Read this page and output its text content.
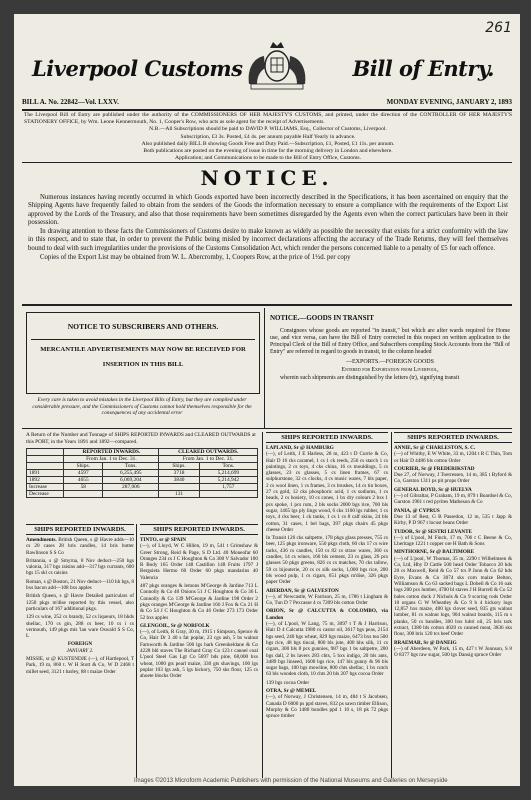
261
Liverpool Customs	Bill of Entry.
BILL A. No. 22842—Vol. LXXV.	MONDAY EVENING, JANUARY 2, 1893

The Liverpool Bill of Entry are published under the authority of the COMMISSIONERS OF HER MAJESTY'S CUSTOMS, and printed, under the direction of the CONTROLLER OF HER MAJESTY'S STATIONERY OFFICE, by Wm. Leone Kennermouth, No. 1, Cooper's Row, who acts as sole agent for the receipt of Advertisements.

N.B.—All Subscriptions should be paid to DAVID P. WILLIAMS, Esq., Collector of Customs, Liverpool.

Subscription, £3 3s. Posted, £4 4s. per annum payable Half Yearly in advance.

Also published daily BILL B showing Goods Free and Duty Paid.—Subscription, £1, Posted, £1 11s. per annum.

Both publications are posted on the evening of issue in time for the morning delivery in London and elsewhere.

Application; and Communications to be made to the Bill of Entry Office, Customs.

NOTICE.

Numerous instances having recently occurred in which Goods exported have been incorrectly described in the Specifications, it has been ascertained on enquiry that the Shipping Agents have frequently failed to obtain from the senders of the Goods the information necessary to ensure a compliance with the requirements of the Export List approved by the Lords of the Treasury, and also that those requirements have been sometimes disregarded by the Agents even when the correct particulars have been in their possession.

In drawing attention to these facts the Commissioners of Customs desire to make known as widely as possible the necessity that exists for a strict conformity with the law in this respect, and to state that, in order to prevent the Public being misled by incorrect declarations affecting the accuracy of the Trade Returns, they will feel themselves bound to deal with such irregularities under the provisions of the Customs Consolidation Act, which render the persons concerned liable to a penalty of £5 for each offence.

Copies of the Export List may be obtained from W. L. Abercromby, 1, Coopers Row, at the price of 1½d. per copy

NOTICE TO SUBSCRIBERS AND OTHERS.
MERCANTILE ADVERTISEMENTS MAY NOW BE RECEIVED FOR
INSERTION IN THIS BILL
Every care is taken to avoid mistakes in the Liverpool Bills of Entry, but they are compiled under considerable pressure, and the Commissioners of Customs cannot hold themselves responsible for the consequences of any accidental error
NOTICE.—GOODS IN TRANSIT
Consignees whose goods are reported "in transit," but which are after wards required for Home use, and vice versa, can have the Bill of Entry corrected in this respect on written application to the Principal Clerk of the Bill of Entry Office, and Subscribers compiling Stock Accounts from the "Bill of Entry" are referred in regard to goods in transit, to the column headed
—EXPORTS.—FOREIGN GOODS
Entered for Exportation from Liverpool,
wherein such shipments are distinguished by the letters (tr), signifying transit
A Return of the Number and Tonnage of SHIPS REPORTED INWARDS and CLEARED OUTWARDS at this PORT, in the Years 1891 and 1892—compared.
	REPORTED INWARDS.		CLEARED OUTWARDS.	
	From Jan. 1 to Dec. 31.		From Jan. 1 to Dec. 31.	
	Ships.	Tons.	Ships.	Tons.
1891	4597	6,255,495	3718	5,214,699
1892	4655	6,069,204	3840	5,214,942
Increase	58	287,006		1,757
Decrease			131	
SHIPS REPORTED INWARDS.
Amendments. British Queen, s @ Havre adds—10 cs 20 cases 28 bris candles, 14 bris butter Rawlinson S S Co
Britannia, s @ Smyrna, 8 Nov deduct—250 bgs valonia, 317 bgs raisins add—317 bgs currants, 600 bgs 15 skl cs raisins
Roman, s @ Boston, 21 Nov deduct—110 hh bgs, 8 bxs bacon add—108 bxs apples
British Queen, s @ Havre Detailed particulars of 1250 pkgs m'dise reported by this vessel, also particulars of 167 additional pkgs.
129 cs wine, 252 cs brandy, 52 cs liqueurs, 18 hhds shellac, 170 cs gin, 288 cs beer, 10 cs i cs vermouth, 149 pkgs mis 'lan ware Oswald S S Co, L
FOREIGN
JANUARY 2.
MISSIE, sr @ KUSTENDJE (—), of Hartlepool, T Park, 19 m, 860 t. W H Stott & Co, W D 2468 t millet seed, 3121 t barley, 88 t maize Order
SHIPS REPORTED INWARDS.
TINTO, sr @ SPAIN
(—), of Lloyd, W C Hillen, 19 m, 541 t Grimshaw & Greer Strong, Reid & Page, S D Ltd. 40 Moneofar 60 Oranges 234 cs J C Houghton & Co 300 V Salvador 100 R Body 165 Order 148 Castillon 148 Fruits 1797 J Bergsieta Hermo 60 Order 60 pkgs mandarins 40 Valencia
487 pkgs oranges & lemons M'George & Jardine 713 L Connolly & Co 40 Onions 51 J C Houghton & Co 36 L Connolly & Co 139 M'George & Jardine 198 Order 2 pkgs oranges M'George & Jardine 166 J Fox & Co 21 H & Co 54 J C Houghton & Co 46 Order 273 173 Order 52 bxs apples
GLENGOIL, Sr @ NORFOLK
(—), of Leith, R Gray, 30 m, 1915 t Simpson, Spence & Co, Hair Dr 3 40 s fat poplar, 23 cgs ash, 5 bs walnut Farnworth & Jardine 500 lgs bark Greenheldane & Co 4228 bbl staves The Richard Gray Co 123 t cannel coal L'pool Steel Gas Lgt Co 5697 bds pine, 68,000 bxs wheat, 1000 gts pearl maize, 330 gts shavings, 100 lgs poplar 103 lgs ash, 5 lgs hickory, 750 sks flour, 125 cs ahoete blocks Order
SHIPS REPORTED INWARDS.
LAPLAND, Sr @ HAMBURG
(—), of Leith, J E Harless, 28 m, 423 t D Currie & Co, Hair D 16 cks caramel, 1 cs 1 ck reeds, 256 cs starch 1 cs paintings, 2 cs toys, 4 cks china, 16 cs mouldings, 5 cs glasses, 23 cs glasses, 5 cs linen frames, 67 cs sulphurstone, 32 cs clocks, 4 cs music wares, 7 bls paper, 2 cs wool linen, 1 cs frames, 3 cs brushes, 14 cs tin boxes, 27 cs gold, 12 cks phosphoric acid, 1 cs sodiums, 1 cs beads, 2 cs hosiery, 10 cs cones, 1 bx dry colours 2 bxs 1 pcs spoke, 1 pcs rum, 2 bls socks 2000 bgs rice, 700 bls sugar, 1465 lgs ply lings wood, 6 cks 1100 lgs rubber, 1 cs toys, 4 cks beer, 1 ck tanks, 1 cs 1 cs 8 calf skins, 24 bls cotton, 31 cases, 1 bel bags, 397 pkgs chairs 45 pkgs cheese Order
In Transit 126 cks saltpetre, 178 pkgs glass presses, 755 cs beer, 125 pkgs ironware, 550 pkgs cloth, 60 cks 17 cs wire tacks, 436 cs candles, 150 cs 82 cs straw wares, 360 cs candles, 14 cs wines, 160 bls cement, 23 cs glass, 26 pcs glasses 50 pkgs greens, 826 cs cs matches, 70 cks tallow, 59 cs bijouterie, 20 cs cs silk socks, 1,000 bgs rice, 200 bls wood pulp, 1 cs cigars, 651 pkgs m'dise, 326 pkgs paper Order
ABERDAN, Sr @ GALVESTON
(—), of Newcastle, W Farrison, 25 m, 1786 t Lingham & Co, Tun D 7 Pexcasse 4 cs 7209 bls cotton Order
ORION, Sr @ CALCUTTA & COLOMBO, via London
(—), of L'pool, W Lang, 75 m, 3097 t T & J Harrison, Hair D 4 Calcutta 1980 cs castor oil, 3617 bgs peas, 2154 bgs seed, 240 bgs wheat, 829 bgs maize, 6473 bxs tea 500 bgs rice, 48 bgs tincal, 800 bls jute, 400 hhs silk, 11 cs cigars, 300 bls 8 pcs gunnies, 987 bgs 1 bs saltpetre, 200 bgs dall, 2 bs lavers 283 chts, 5 bxs indigo, 20 bls ants, 3489 bgs linseed, 1600 bgs rice, 147 bls gunny & 96 bls sugar bags, 100 bgs mowline, 800 chts shellac, 1 bx cutch 63 bls wooden cloth, 10 chts 20 bls 207 bgs cocoa Order
139 bgs cocoa Order
OTRA, Sr @ MEMEL
(—), of Norway, J Christensen, 14 m, 484 t S Jacobsen, Canada D 6000 ps ppd staves, 832 ps sawn timber Ellison, Murphy & Co 1480 bundles ppd 1 10 s, 18 pk 72 pkgs spruce timber
SHIPS REPORTED INWARDS.
ANNIE, Sr @ CHARLESTON, S. C.
(—) of Whitby, E W White, 33 m, 1204 t R C Thin, Tom or Hair D 4486 bls cotton Order
COURIER, Sr @ FREDERIKSTAD
Due 27, of Norway, J Toerressen, 14 m, 385 t Byford & Co, Garston 1311 ps pit props Order
GENERAL BOYD, Sr @ HUELVA
(—) of Gibraltar, P Graham, 19 m, 879 t Boardsel & Co, Garston 1901 t red pyrites Matheson & Co
PANIA, @ CYPRUS
Due 13 of Rest, G B Passedon, 12 m, 535 t Japp & Kirby, P D 967 t locust beans Order
TUDOR, Sr @ SESTRI LEVANTE
(—) of L'pool, M Finch, 17 m, 706 t C Beene & Co, Lheritage 1221 t copper ore H Bath & Sons
MINTHORNE, Sr @ BALTIMORE
(—) of L'pool, W Thomas, 35 m, 2290 t Wilhelmsen & Co, Ltd, Hby D Cattle 500 head Order Tobacco 20 hds 20 cs Maxwell, Reid & Co 57 tcs P Jonn & Co 62 hds Eyre, Evans & Co 3074 sks corn maize Belton, Williamson & Co 63 sacked bags L Dobell & Co 16 oak logs 200 pcs lumber, 4700 bl staves J H Burrell & Co 52 bales cotton duck J Nichols & Co 9 scoring rods Order 10 organs G W Wheatley & Co 9 b 4 hickory logs 12,857 bxs maize, 400 lgs clover seed, 835 gts walnut lumber, 81 cs walnut logs, 904 walnut boards, 115 m s planks, 50 cs bandles, 300 bxs lubri oil, 25 bris tark extract, 1380 bls cotton 4020 cs canned meat, 3836 sks flour, 300 bris 120 tcs beef Order
BRAEMAR, Sr @ DANEIG
(—) of Aberdeen, W Park, 15 m, 427 t W Jonnson, S 8 O 8377 bgs raw sugar, 500 lgs Dansig spruce Order
Images ©2013 Microform Academic Publishers with permission of the National Museums and Galleries on Merseyside
